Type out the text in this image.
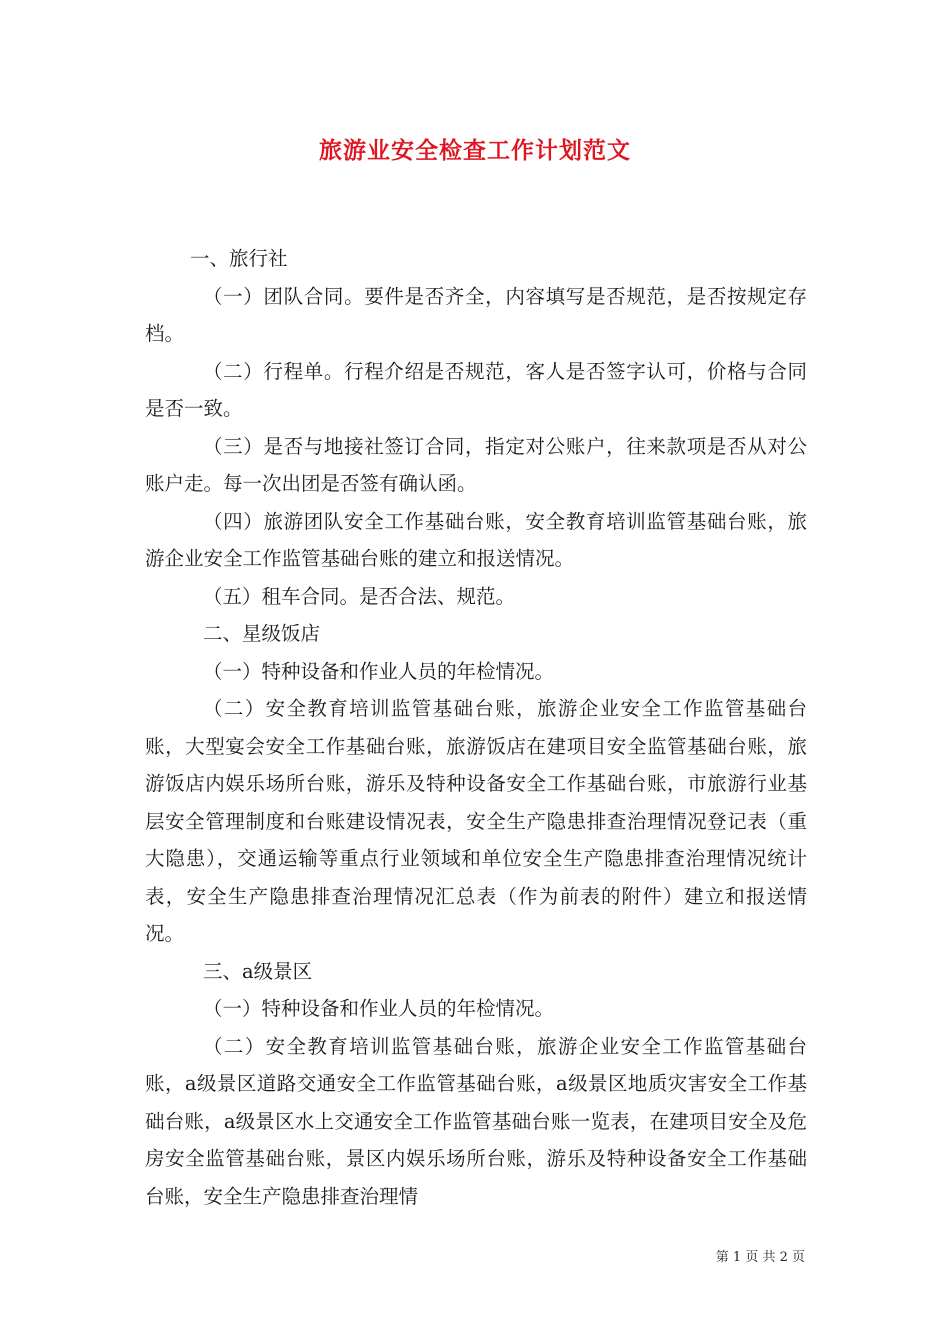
旅游业安全检查工作计划范文

一、旅行社

（一）团队合同。要件是否齐全，内容填写是否规范，是否按规定存档。

（二）行程单。行程介绍是否规范，客人是否签字认可，价格与合同是否一致。

（三）是否与地接社签订合同，指定对公账户，往来款项是否从对公账户走。每一次出团是否签有确认函。

（四）旅游团队安全工作基础台账，安全教育培训监管基础台账，旅游企业安全工作监管基础台账的建立和报送情况。

（五）租车合同。是否合法、规范。

二、星级饭店

（一）特种设备和作业人员的年检情况。

（二）安全教育培训监管基础台账，旅游企业安全工作监管基础台账，大型宴会安全工作基础台账，旅游饭店在建项目安全监管基础台账，旅游饭店内娱乐场所台账，游乐及特种设备安全工作基础台账，市旅游行业基层安全管理制度和台账建设情况表，安全生产隐患排查治理情况登记表（重大隐患），交通运输等重点行业领域和单位安全生产隐患排查治理情况统计表，安全生产隐患排查治理情况汇总表（作为前表的附件）建立和报送情况。

三、a级景区

（一）特种设备和作业人员的年检情况。

（二）安全教育培训监管基础台账，旅游企业安全工作监管基础台账，a级景区道路交通安全工作监管基础台账，a级景区地质灾害安全工作基础台账，a级景区水上交通安全工作监管基础台账一览表，在建项目安全及危房安全监管基础台账，景区内娱乐场所台账，游乐及特种设备安全工作基础台账，安全生产隐患排查治理情

第 1 页 共 2 页
